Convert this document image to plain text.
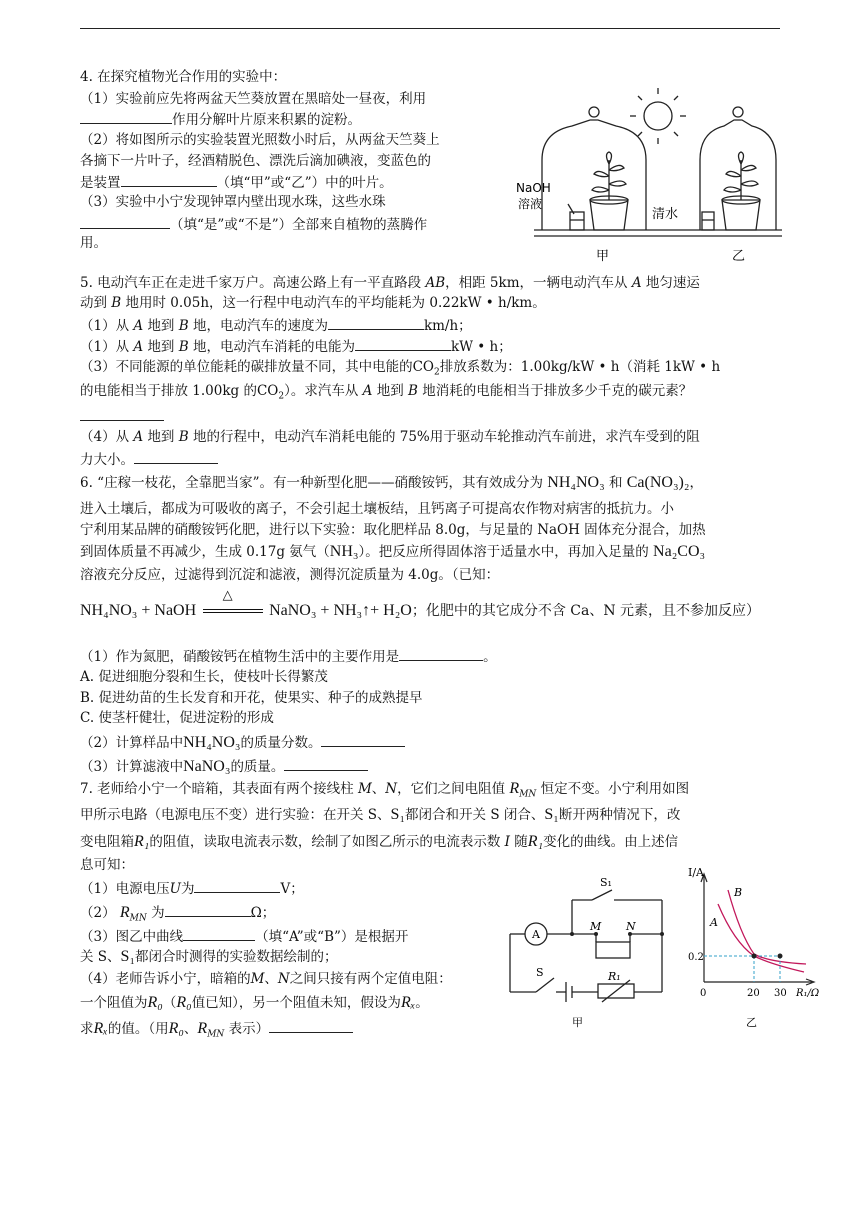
4. 在探究植物光合作用的实验中：
（1）实验前应先将两盆天竺葵放置在黑暗处一昼夜，利用
作用分解叶片原来积累的淀粉。
（2）将如图所示的实验装置光照数小时后，从两盆天竺葵上
各摘下一片叶子，经酒精脱色、漂洗后滴加碘液，变蓝色的
是装置	（填“甲”或“乙”）中的叶片。
（3）实验中小宁发现钟罩内壁出现水珠，这些水珠
（填“是”或“不是”）全部来自植物的蒸腾作
用。
NaOH
溶液
清水
甲	乙
5. 电动汽车正在走进千家万户。高速公路上有一平直路段 AB，相距 5km，一辆电动汽车从 A 地匀速运
动到 B 地用时 0.05h，这一行程中电动汽车的平均能耗为 0.22kW • h/km。
（1）从 A 地到 B 地，电动汽车的速度为	km/h；
（1）从 A 地到 B 地，电动汽车消耗的电能为	kW • h；
（3）不同能源的单位能耗的碳排放量不同，其中电能的$CO_2$排放系数为：1.00kg/kW • h（消耗 1kW • h
的电能相当于排放 1.00kg 的$CO_2$）。求汽车从 A 地到 B 地消耗的电能相当于排放多少千克的碳元素？
（4）从 A 地到 B 地的行程中，电动汽车消耗电能的 75%用于驱动车轮推动汽车前进，求汽车受到的阻
力大小。
6. “庄稼一枝花，全靠肥当家”。有一种新型化肥——硝酸铵钙，其有效成分为 NH₄NO₃ 和 Ca(NO₃)₂，
进入土壤后，都成为可吸收的离子，不会引起土壤板结，且钙离子可提高农作物对病害的抵抗力。小
宁利用某品牌的硝酸铵钙化肥，进行以下实验：取化肥样品 8.0g，与足量的 NaOH 固体充分混合，加热
到固体质量不再减少，生成 0.17g 氨气（NH₃）。把反应所得固体溶于适量水中，再加入足量的 Na₂CO₃
溶液充分反应，过滤得到沉淀和滤液，测得沉淀质量为 4.0g。（已知：
NH₄NO₃ + NaOH
△
NaNO₃ + NH₃↑+ H₂O；化肥中的其它成分不含 Ca、N 元素，且不参加反应）
（1）作为氮肥，硝酸铵钙在植物生活中的主要作用是	。
A. 促进细胞分裂和生长，使枝叶长得繁茂
B. 促进幼苗的生长发育和开花，使果实、种子的成熟提早
C. 使茎杆健壮，促进淀粉的形成
（2）计算样品中NH₄NO₃的质量分数。
（3）计算滤液中NaNO₃的质量。
7. 老师给小宁一个暗箱，其表面有两个接线柱 M、N，它们之间电阻值 $R_{MN}$ 恒定不变。小宁利用如图
甲所示电路（电源电压不变）进行实验：在开关 S、S₁都闭合和开关 S 闭合、S₁断开两种情况下，改
变电阻箱R₁的阻值，读取电流表示数，绘制了如图乙所示的电流表示数 I 随R₁变化的曲线。由上述信
息可知：
（1）电源电压U为	V；
（2） $R_{MN}$ 为	Ω；
（3）图乙中曲线	（填“A”或“B”）是根据开
关 S、S₁都闭合时测得的实验数据绘制的；
（4）老师告诉小宁，暗箱的M、N之间只接有两个定值电阻：
一个阻值为R₀（R₀值已知），另一个阻值未知，假设为Rₓ。
求Rₓ的值。（用R₀、$R_{MN}$ 表示）
A
S₁
M N
S	R₁
甲
I/A
B
A
0.2
0	20 30 R₁/Ω
乙
